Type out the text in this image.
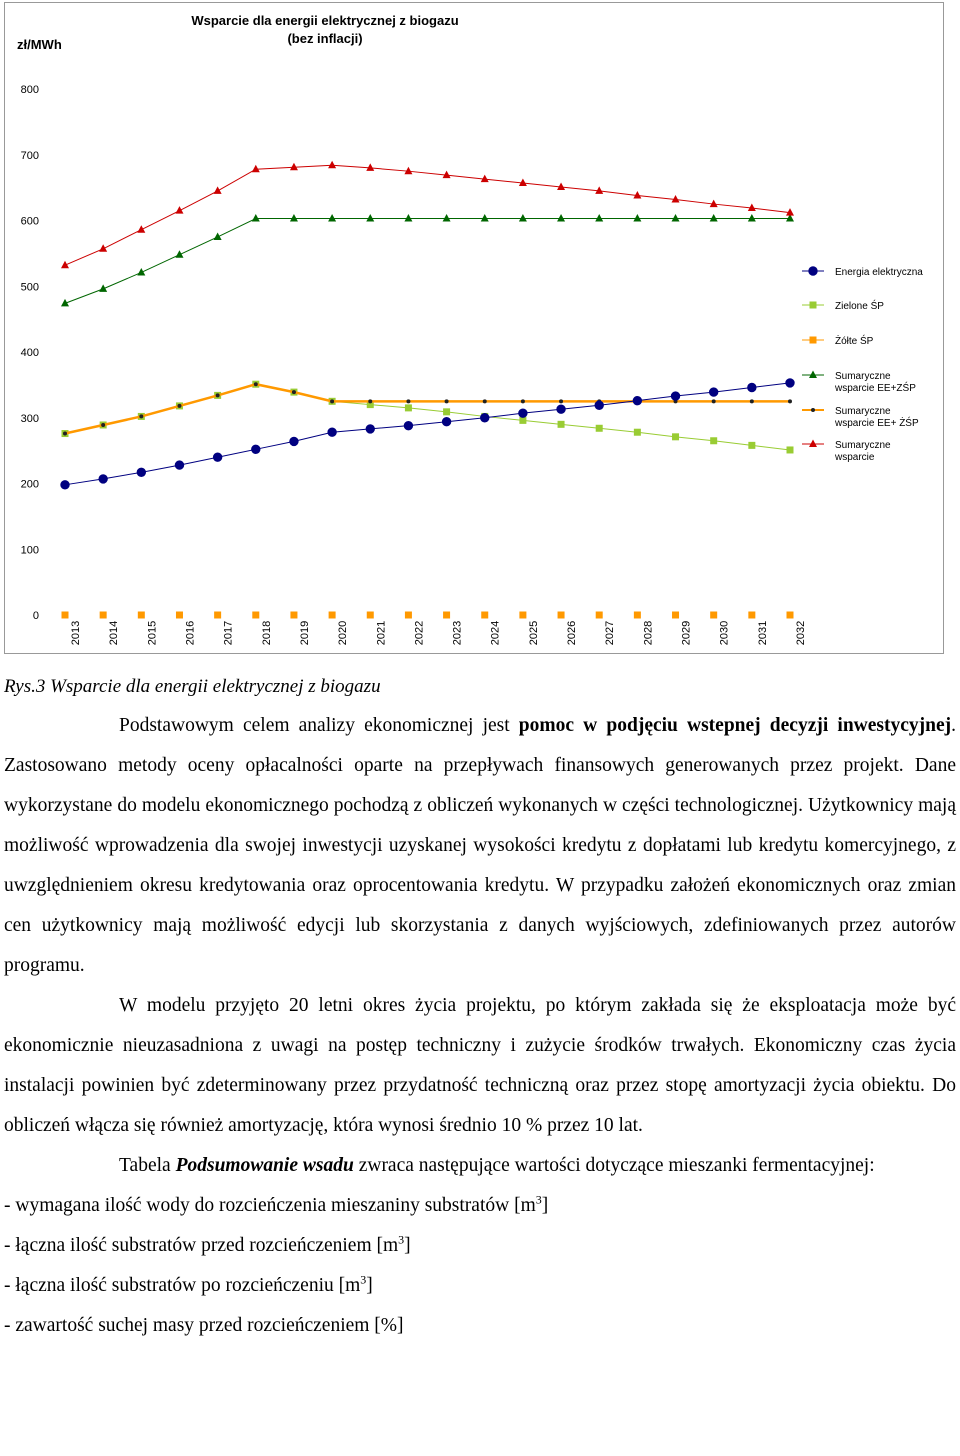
Wsparcie dla energii elektrycznej z biogazu
(bez inflacji)
zł/MWh
0
100
200
300
400
500
600
700
800
2013 2014 2015 2016 2017 2018 2019 2020 2021 2022 2023 2024 2025 2026 2027 2028 2029 2030 2031 2032
Energia elektryczna
Zielone ŚP
Żółte ŚP
Sumaryczne
wsparcie EE+ZŚP
Sumaryczne
wsparcie EE+ ŻŚP
Sumaryczne
wsparcie

Rys.3 Wsparcie dla energii elektrycznej z biogazu

Podstawowym celem analizy ekonomicznej jest pomoc w podjęciu wstepnej decyzji inwestycyjnej. Zastosowano metody oceny opłacalności oparte na przepływach finansowych generowanych przez projekt. Dane wykorzystane do modelu ekonomicznego pochodzą z obliczeń wykonanych w części technologicznej. Użytkownicy mają możliwość wprowadzenia dla swojej inwestycji uzyskanej wysokości kredytu z dopłatami lub kredytu komercyjnego, z uwzględnieniem okresu kredytowania oraz oprocentowania kredytu. W przypadku założeń ekonomicznych oraz zmian cen użytkownicy mają możliwość edycji lub skorzystania z danych wyjściowych, zdefiniowanych przez autorów programu.

W modelu przyjęto 20 letni okres życia projektu, po którym zakłada się że eksploatacja może być ekonomicznie nieuzasadniona z uwagi na postęp techniczny i zużycie środków trwałych. Ekonomiczny czas życia instalacji powinien być zdeterminowany przez przydatność techniczną oraz przez stopę amortyzacji życia obiektu. Do obliczeń włącza się również amortyzację, która wynosi średnio 10 % przez 10 lat.

Tabela Podsumowanie wsadu zwraca następujące wartości dotyczące mieszanki fermentacyjnej:

- wymagana ilość wody do rozcieńczenia mieszaniny substratów $[m^3]$

- łączna ilość substratów przed rozcieńczeniem $[m^3]$

- łączna ilość substratów po rozcieńczeniu $[m^3]$

- zawartość suchej masy przed rozcieńczeniem [%]
